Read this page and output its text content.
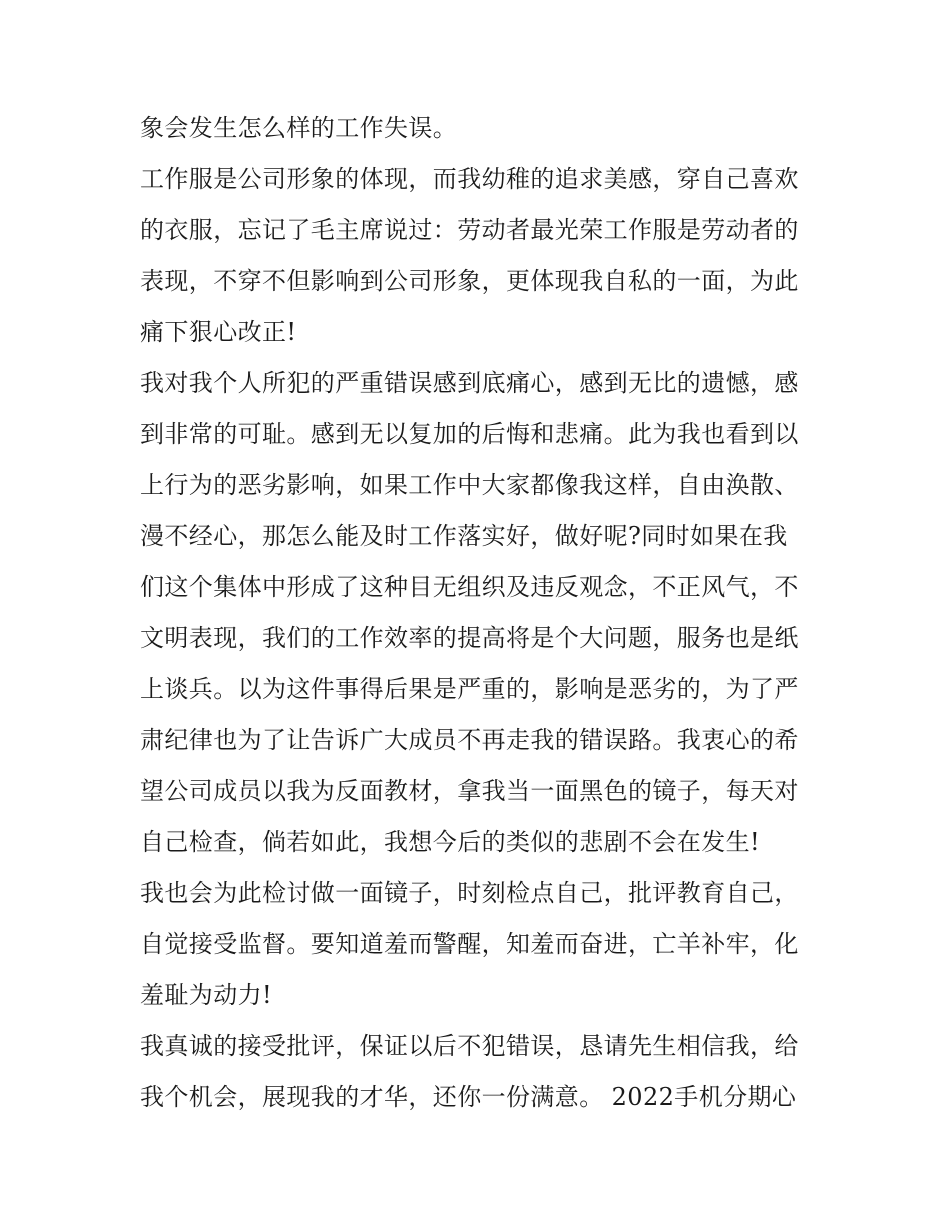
象会发生怎么样的工作失误。
工作服是公司形象的体现，而我幼稚的追求美感，穿自己喜欢
的衣服，忘记了毛主席说过：劳动者最光荣工作服是劳动者的
表现，不穿不但影响到公司形象，更体现我自私的一面，为此
痛下狠心改正!
我对我个人所犯的严重错误感到底痛心，感到无比的遗憾，感
到非常的可耻。感到无以复加的后悔和悲痛。此为我也看到以
上行为的恶劣影响，如果工作中大家都像我这样，自由涣散、
漫不经心，那怎么能及时工作落实好，做好呢?同时如果在我
们这个集体中形成了这种目无组织及违反观念，不正风气，不
文明表现，我们的工作效率的提高将是个大问题，服务也是纸
上谈兵。以为这件事得后果是严重的，影响是恶劣的，为了严
肃纪律也为了让告诉广大成员不再走我的错误路。我衷心的希
望公司成员以我为反面教材，拿我当一面黑色的镜子，每天对
自己检查，倘若如此，我想今后的类似的悲剧不会在发生!
我也会为此检讨做一面镜子，时刻检点自己，批评教育自己，
自觉接受监督。要知道羞而警醒，知羞而奋进，亡羊补牢，化
羞耻为动力!
我真诚的接受批评，保证以后不犯错误，恳请先生相信我，给
我个机会，展现我的才华，还你一份满意。 2022手机分期心
